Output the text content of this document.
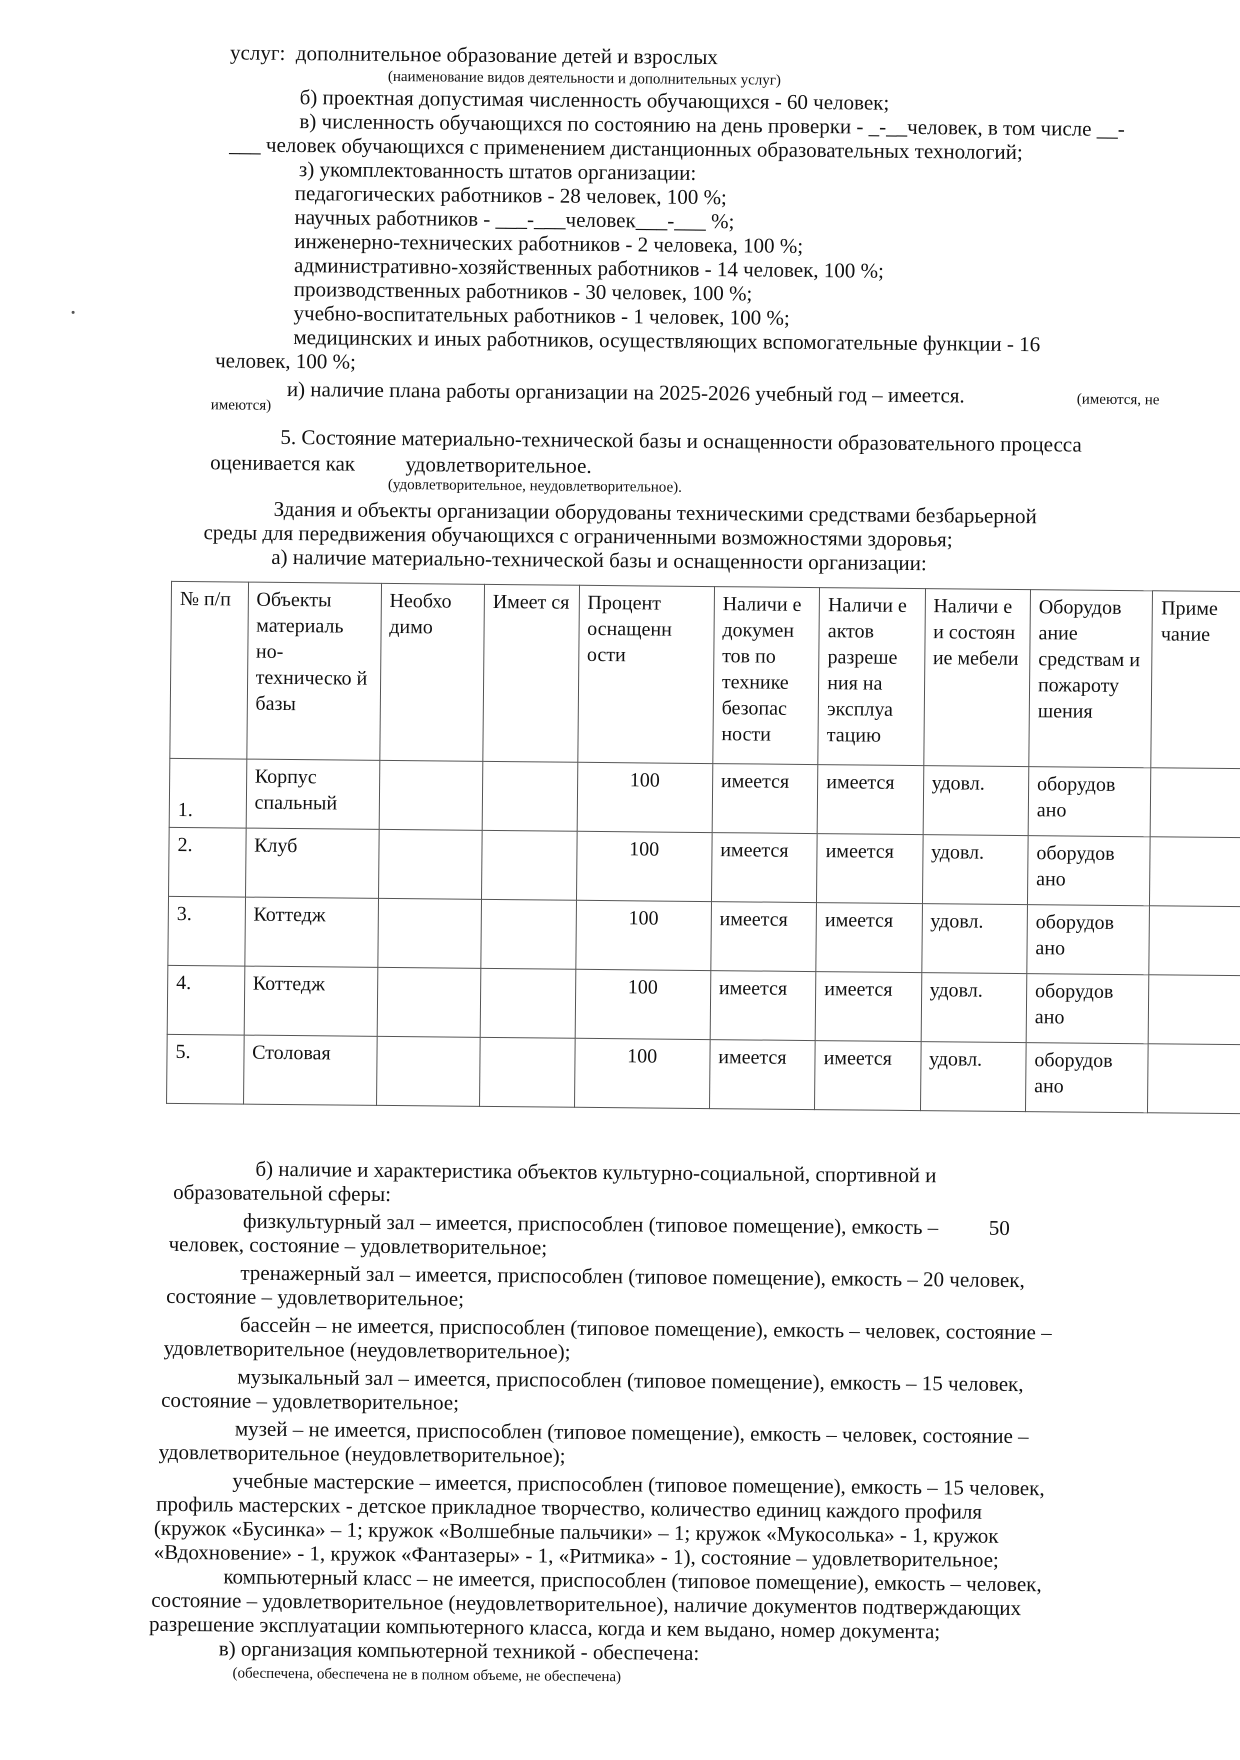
услуг: дополнительное образование детей и взрослых
(наименование видов деятельности и дополнительных услуг)
б) проектная допустимая численность обучающихся - 60 человек;
в) численность обучающихся по состоянию на день проверки - _-__человек, в том числе __-
___ человек обучающихся с применением дистанционных образовательных технологий;
з) укомплектованность штатов организации:
педагогических работников - 28 человек, 100 %;
научных работников - ___-___человек___-___ %;
инженерно-технических работников - 2 человека, 100 %;
административно-хозяйственных работников - 14 человек, 100 %;
производственных работников - 30 человек, 100 %;
учебно-воспитательных работников - 1 человек, 100 %;
медицинских и иных работников, осуществляющих вспомогательные функции - 16
человек, 100 %;
и) наличие плана работы организации на 2025-2026 учебный год – имеется.	(имеются, не
имеются)
5. Состояние материально-технической базы и оснащенности образовательного процесса
оценивается как удовлетворительное.
(удовлетворительное, неудовлетворительное).
Здания и объекты организации оборудованы техническими средствами безбарьерной
среды для передвижения обучающихся с ограниченными возможностями здоровья;
а) наличие материально-технической базы и оснащенности организации:
№ п/п	Объекты материаль но-техническо й базы	Необхо димо	Имеет ся	Процент оснащенн ости	Наличи е докумен тов по технике безопас ности	Наличи е актов разреше ния на эксплуа тацию	Наличи е и состоян ие мебели	Оборудов ание средствам и пожароту шения	Приме чание
1.	Корпус спальный			100	имеется	имеется	удовл.	оборудов ано	
2.	Клуб			100	имеется	имеется	удовл.	оборудов ано	
3.	Коттедж			100	имеется	имеется	удовл.	оборудов ано	
4.	Коттедж			100	имеется	имеется	удовл.	оборудов ано	
5.	Столовая			100	имеется	имеется	удовл.	оборудов ано	
б) наличие и характеристика объектов культурно-социальной, спортивной и
образовательной сферы:
физкультурный зал – имеется, приспособлен (типовое помещение), емкость – 50
человек, состояние – удовлетворительное;
тренажерный зал – имеется, приспособлен (типовое помещение), емкость – 20 человек,
состояние – удовлетворительное;
бассейн – не имеется, приспособлен (типовое помещение), емкость – человек, состояние –
удовлетворительное (неудовлетворительное);
музыкальный зал – имеется, приспособлен (типовое помещение), емкость – 15 человек,
состояние – удовлетворительное;
музей – не имеется, приспособлен (типовое помещение), емкость – человек, состояние –
удовлетворительное (неудовлетворительное);
учебные мастерские – имеется, приспособлен (типовое помещение), емкость – 15 человек,
профиль мастерских - детское прикладное творчество, количество единиц каждого профиля
(кружок «Бусинка» – 1; кружок «Волшебные пальчики» – 1; кружок «Мукосолька» - 1, кружок
«Вдохновение» - 1, кружок «Фантазеры» - 1, «Ритмика» - 1), состояние – удовлетворительное;
компьютерный класс – не имеется, приспособлен (типовое помещение), емкость – человек,
состояние – удовлетворительное (неудовлетворительное), наличие документов подтверждающих
разрешение эксплуатации компьютерного класса, когда и кем выдано, номер документа;
в) организация компьютерной техникой - обеспечена:
(обеспечена, обеспечена не в полном объеме, не обеспечена)
